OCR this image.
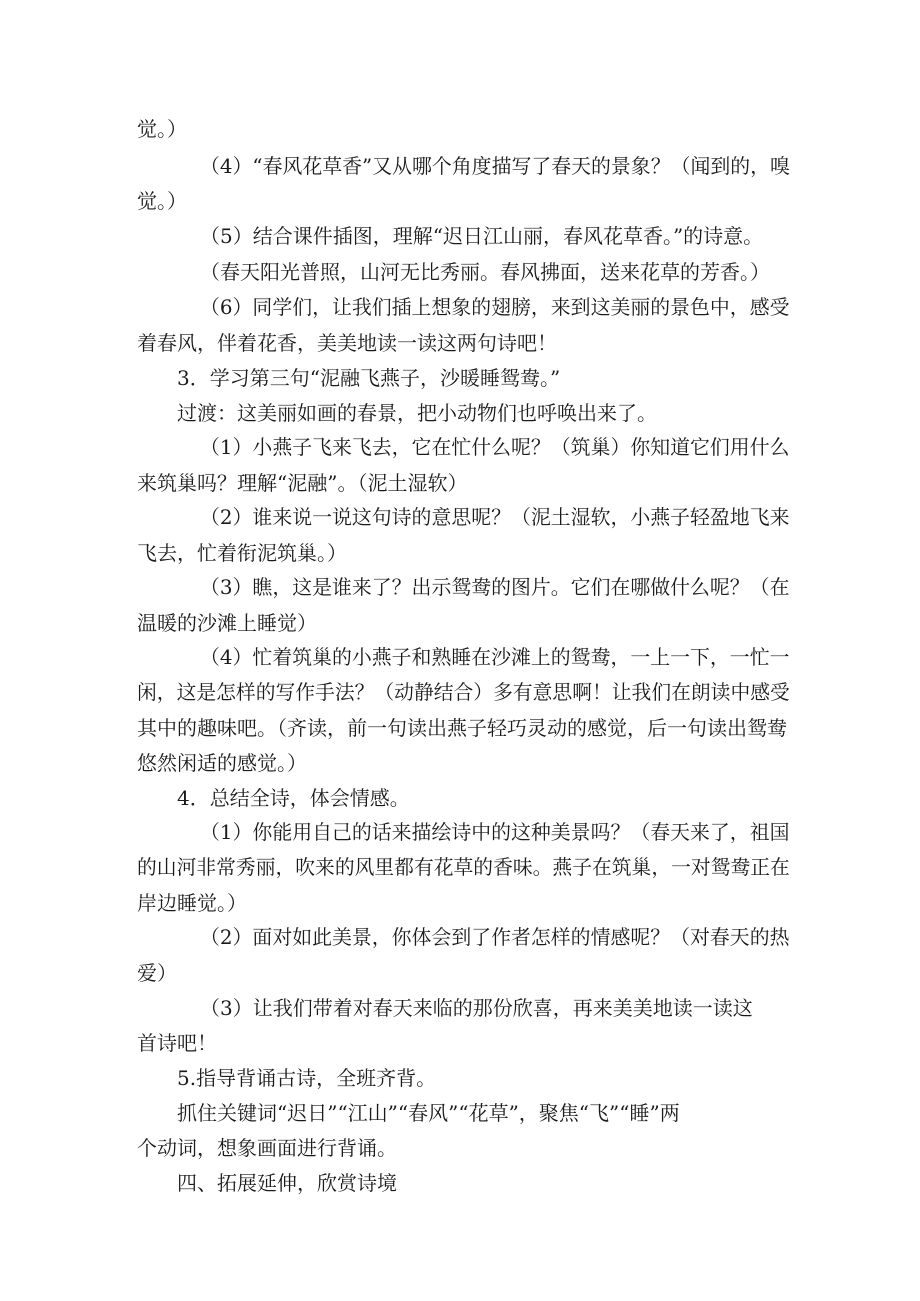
觉。）
（4）“春风花草香”又从哪个角度描写了春天的景象？（闻到的，嗅
觉。）
（5）结合课件插图，理解“迟日江山丽，春风花草香。”的诗意。
（春天阳光普照，山河无比秀丽。春风拂面，送来花草的芳香。）
（6）同学们，让我们插上想象的翅膀，来到这美丽的景色中，感受
着春风，伴着花香，美美地读一读这两句诗吧！
3．学习第三句“泥融飞燕子，沙暖睡鸳鸯。”
过渡：这美丽如画的春景，把小动物们也呼唤出来了。
（1）小燕子飞来飞去，它在忙什么呢？（筑巢）你知道它们用什么
来筑巢吗？理解“泥融”。（泥土湿软）
（2）谁来说一说这句诗的意思呢？（泥土湿软，小燕子轻盈地飞来
飞去，忙着衔泥筑巢。）
（3）瞧，这是谁来了？出示鸳鸯的图片。它们在哪做什么呢？（在
温暖的沙滩上睡觉）
（4）忙着筑巢的小燕子和熟睡在沙滩上的鸳鸯，一上一下，一忙一
闲，这是怎样的写作手法？（动静结合）多有意思啊！让我们在朗读中感受
其中的趣味吧。（齐读，前一句读出燕子轻巧灵动的感觉，后一句读出鸳鸯
悠然闲适的感觉。）
4．总结全诗，体会情感。
（1）你能用自己的话来描绘诗中的这种美景吗？（春天来了，祖国
的山河非常秀丽，吹来的风里都有花草的香味。燕子在筑巢，一对鸳鸯正在
岸边睡觉。）
（2）面对如此美景，你体会到了作者怎样的情感呢？（对春天的热
爱）
（3）让我们带着对春天来临的那份欣喜，再来美美地读一读这
首诗吧！
5.指导背诵古诗，全班齐背。
抓住关键词“迟日”“江山”“春风”“花草”，聚焦“飞”“睡”两
个动词，想象画面进行背诵。
四、拓展延伸，欣赏诗境
